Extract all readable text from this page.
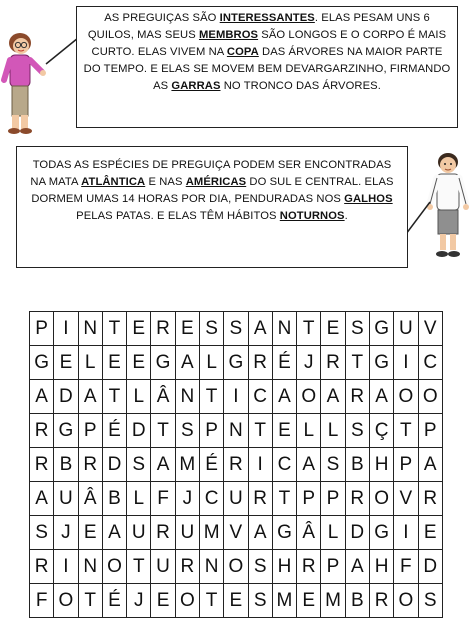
AS PREGUIÇAS SÃO INTERESSANTES. ELAS PESAM UNS 6 QUILOS, MAS SEUS MEMBROS SÃO LONGOS E O CORPO É MAIS CURTO. ELAS VIVEM NA COPA DAS ÁRVORES NA MAIOR PARTE DO TEMPO. E ELAS SE MOVEM BEM DEVARGARZINHO, FIRMANDO AS GARRAS NO TRONCO DAS ÁRVORES.
TODAS AS ESPÉCIES DE PREGUIÇA PODEM SER ENCONTRADAS NA MATA ATLÂNTICA E NAS AMÉRICAS DO SUL E CENTRAL. ELAS DORMEM UMAS 14 HORAS POR DIA, PENDURADAS NOS GALHOS PELAS PATAS. E ELAS TÊM HÁBITOS NOTURNOS.
P	I	N	T	E	R	E	S	S	A	N	T	E	S	G	U	V
G	E	L	E	E	G	A	L	G	R	É	J	R	T	G	I	C
A	D	A	T	L	Â	N	T	I	C	A	O	A	R	A	O	O
R	G	P	É	D	T	S	P	N	T	E	L	L	S	Ç	T	P
R	B	R	D	S	A	M	É	R	I	C	A	S	B	H	P	A
A	U	Â	B	L	F	J	C	U	R	T	P	P	R	O	V	R
S	J	E	A	U	R	U	M	V	A	G	Â	L	D	G	I	E
R	I	N	O	T	U	R	N	O	S	H	R	P	A	H	F	D
F	O	T	É	J	E	O	T	E	S	M	E	M	B	R	O	S
